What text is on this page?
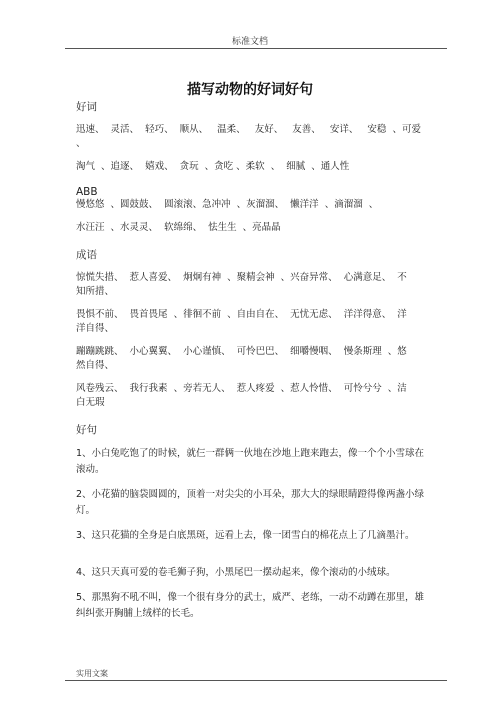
标准文档
描写动物的好词好句

好词

迅速、  灵活、  轻巧、  顺从、   温柔、   友好、   友善、   安详、   安稳  、可爱

、

淘气  、追逐、  嬉戏、  贪玩  、贪吃 、柔软  、  细腻  、通人性

ABB

慢悠悠  、圆鼓鼓、  圆滚滚、急冲冲  、灰溜溜、  懒洋洋  、滴溜溜  、

水汪汪  、水灵灵、  软绵绵、  怯生生  、亮晶晶

成语

惊慌失措、  惹人喜爱、  炯炯有神  、聚精会神  、兴奋异常、  心满意足、  不

知所措、

畏惧不前、  畏首畏尾  、徘徊不前  、自由自在、  无忧无虑、  洋洋得意、  洋

洋自得、

蹦蹦跳跳、  小心翼翼、  小心谨慎、  可怜巴巴、  细嚼慢咽、  慢条斯理  、悠

然自得、

风卷残云、  我行我素  、旁若无人、  惹人疼爱  、惹人怜惜、  可怜兮兮  、洁

白无瑕

好句

1、小白兔吃饱了的时候，就仨一群俩一伙地在沙地上跑来跑去，像一个个小雪球在滚动。

2、小花猫的脑袋圆圆的，顶着一对尖尖的小耳朵，那大大的绿眼睛蹬得像两盏小绿灯。

3、这只花猫的全身是白底黑斑，远看上去，像一团雪白的棉花点上了几滴墨汁。

4、这只天真可爱的卷毛狮子狗，小黑尾巴一摆动起来，像个滚动的小绒球。

5、那黑狗不吼不叫，像一个很有身分的武士，威严、老练，一动不动蹲在那里，雄纠纠张开胸脯上绒样的长毛。

实用文案
